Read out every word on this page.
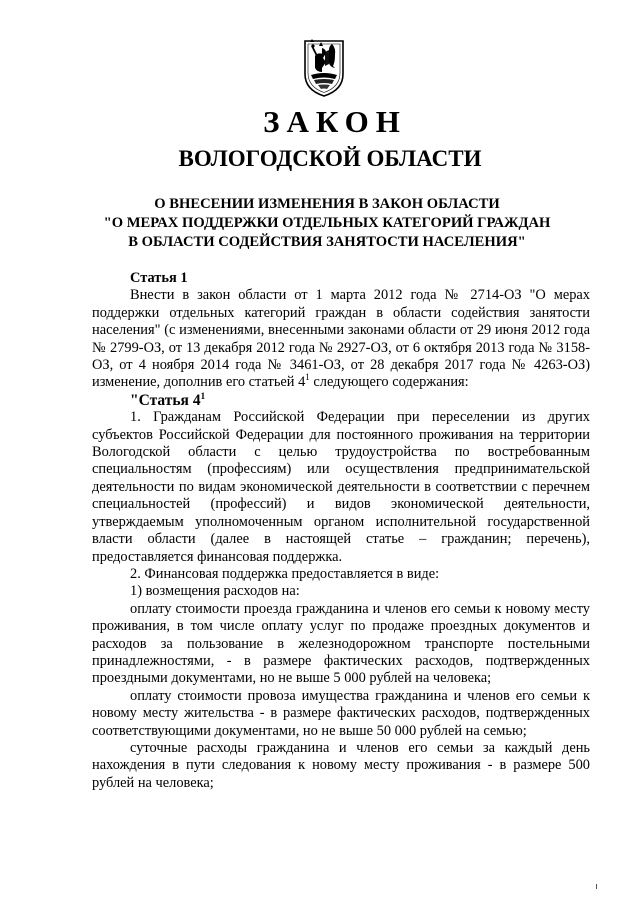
ЗАКОН
ВОЛОГОДСКОЙ ОБЛАСТИ
О ВНЕСЕНИИ ИЗМЕНЕНИЯ В ЗАКОН ОБЛАСТИ
"О МЕРАХ ПОДДЕРЖКИ ОТДЕЛЬНЫХ КАТЕГОРИЙ ГРАЖДАН
В ОБЛАСТИ СОДЕЙСТВИЯ ЗАНЯТОСТИ НАСЕЛЕНИЯ"

Статья 1

Внести в закон области от 1 марта 2012 года № 2714-ОЗ "О мерах поддержки отдельных категорий граждан в области содействия занятости населения" (с изменениями, внесенными законами области от 29 июня 2012 года № 2799-ОЗ, от 13 декабря 2012 года № 2927-ОЗ, от 6 октября 2013 года № 3158-ОЗ, от 4 ноября 2014 года № 3461-ОЗ, от 28 декабря 2017 года № 4263-ОЗ) изменение, дополнив его статьей $4^1$ следующего содержания:

"Статья $4^1$

1. Гражданам Российской Федерации при переселении из других субъектов Российской Федерации для постоянного проживания на территории Вологодской области с целью трудоустройства по востребованным специальностям (профессиям) или осуществления предпринимательской деятельности по видам экономической деятельности в соответствии с перечнем специальностей (профессий) и видов экономической деятельности, утверждаемым уполномоченным органом исполнительной государственной власти области (далее в настоящей статье – гражданин; перечень), предоставляется финансовая поддержка.

2. Финансовая поддержка предоставляется в виде:

1) возмещения расходов на:

оплату стоимости проезда гражданина и членов его семьи к новому месту проживания, в том числе оплату услуг по продаже проездных документов и расходов за пользование в железнодорожном транспорте постельными принадлежностями, - в размере фактических расходов, подтвержденных проездными документами, но не выше 5 000 рублей на человека;

оплату стоимости провоза имущества гражданина и членов его семьи к новому месту жительства - в размере фактических расходов, подтвержденных соответствующими документами, но не выше 50 000 рублей на семью;

суточные расходы гражданина и членов его семьи за каждый день нахождения в пути следования к новому месту проживания - в размере 500 рублей на человека;
